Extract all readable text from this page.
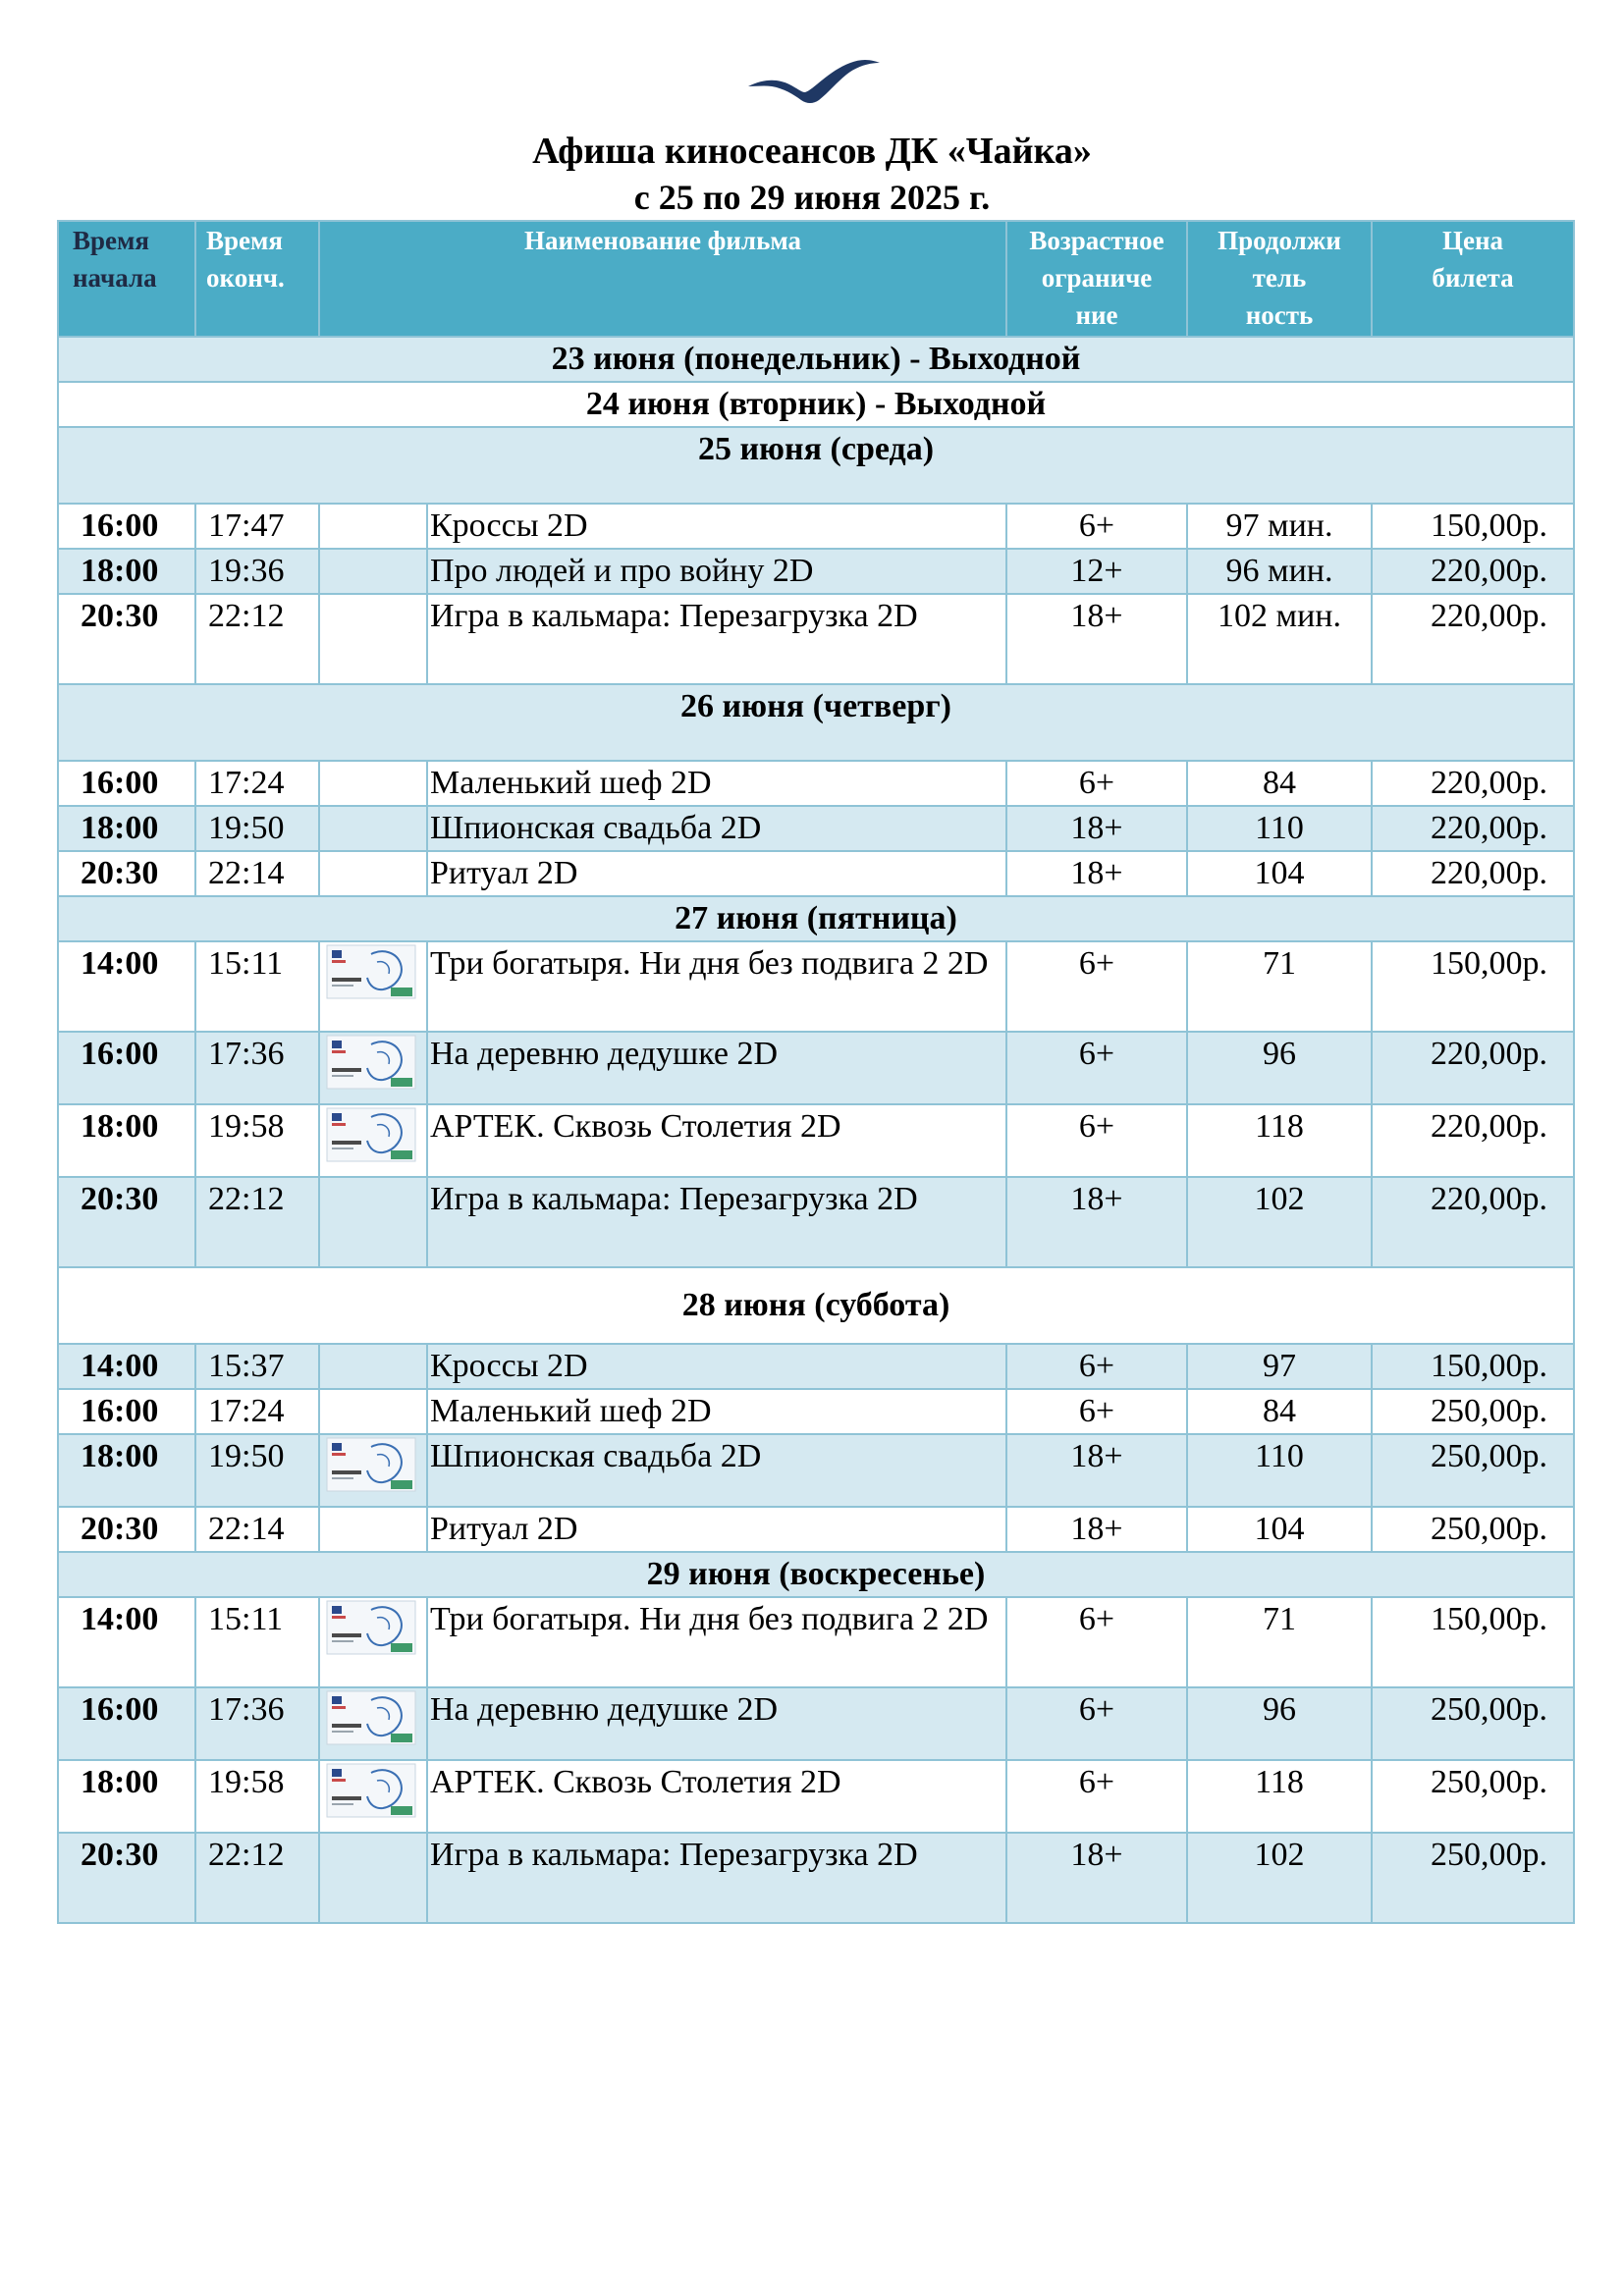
Афиша киносеансов ДК «Чайка»
с 25 по 29 июня 2025 г.
Время
начала	Время
оконч.	Наименование фильма		Возрастное
ограниче
ние	Продолжи
тель
ность	Цена
билета
23 июня (понедельник) - Выходной						
24 июня (вторник) - Выходной						
25 июня (среда)						
16:00	17:47		Кроссы 2D	6+	97 мин.	150,00р.
18:00	19:36		Про людей и про войну 2D	12+	96 мин.	220,00р.
20:30	22:12		Игра в кальмара: Перезагрузка 2D	18+	102 мин.	220,00р.
26 июня (четверг)						
16:00	17:24		Маленький шеф 2D	6+	84	220,00р.
18:00	19:50		Шпионская свадьба 2D	18+	110	220,00р.
20:30	22:14		Ритуал 2D	18+	104	220,00р.
27 июня (пятница)						
14:00	15:11		Три богатыря. Ни дня без подвига 2 2D	6+	71	150,00р.
16:00	17:36		На деревню дедушке 2D	6+	96	220,00р.
18:00	19:58		АРТЕК. Сквозь Столетия 2D	6+	118	220,00р.
20:30	22:12		Игра в кальмара: Перезагрузка 2D	18+	102	220,00р.
28 июня (суббота)						
14:00	15:37		Кроссы 2D	6+	97	150,00р.
16:00	17:24		Маленький шеф 2D	6+	84	250,00р.
18:00	19:50		Шпионская свадьба 2D	18+	110	250,00р.
20:30	22:14		Ритуал 2D	18+	104	250,00р.
29 июня (воскресенье)						
14:00	15:11		Три богатыря. Ни дня без подвига 2 2D	6+	71	150,00р.
16:00	17:36		На деревню дедушке 2D	6+	96	250,00р.
18:00	19:58		АРТЕК. Сквозь Столетия 2D	6+	118	250,00р.
20:30	22:12		Игра в кальмара: Перезагрузка 2D	18+	102	250,00р.
